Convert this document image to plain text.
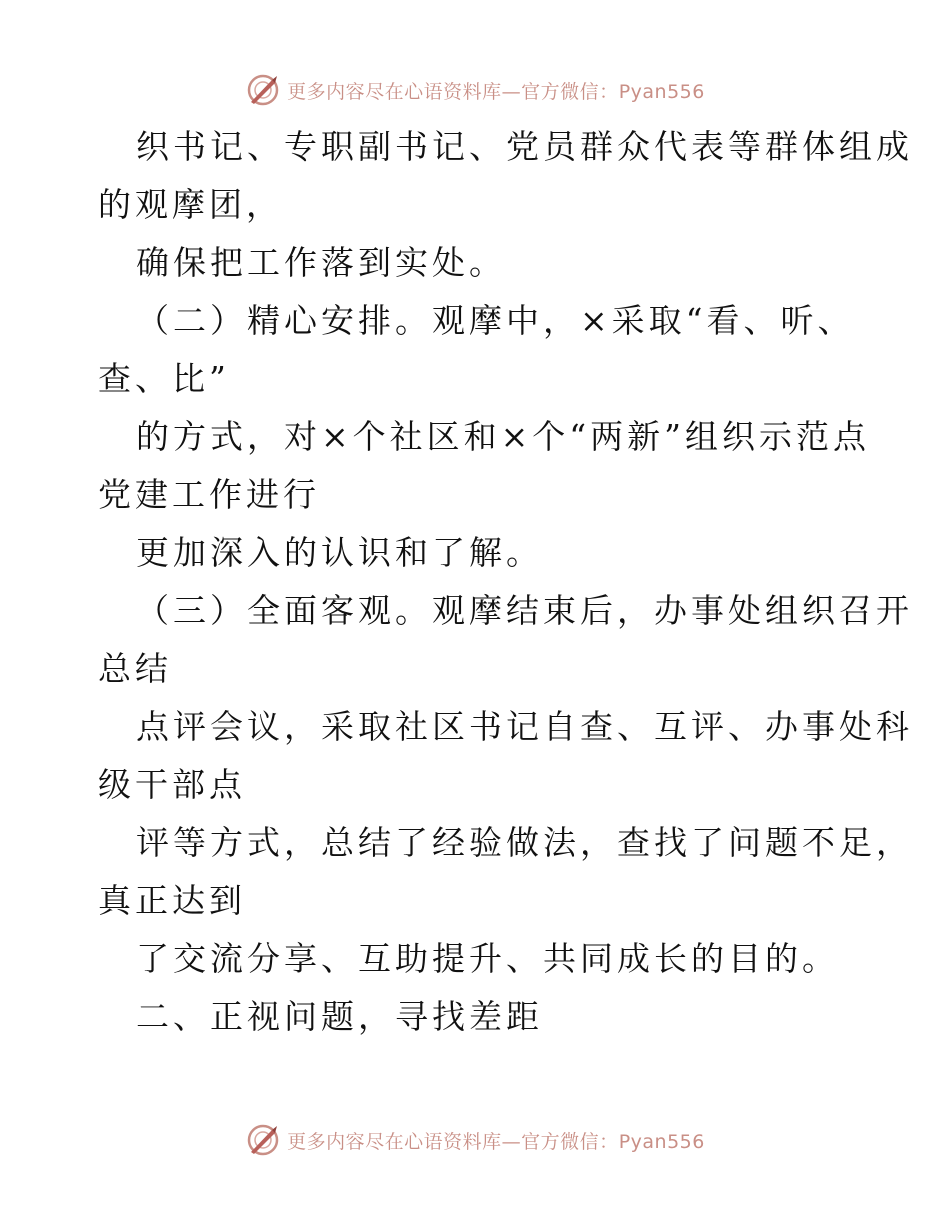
更多内容尽在心语资料库—官方微信：Pyan556
织书记、专职副书记、党员群众代表等群体组成
的观摩团，
确保把工作落到实处。
（二）精心安排。观摩中，×采取“看、听、
查、比”
的方式，对×个社区和×个“两新”组织示范点
党建工作进行
更加深入的认识和了解。
（三）全面客观。观摩结束后，办事处组织召开
总结
点评会议，采取社区书记自查、互评、办事处科
级干部点
评等方式，总结了经验做法，查找了问题不足，
真正达到
了交流分享、互助提升、共同成长的目的。
二、正视问题，寻找差距
更多内容尽在心语资料库—官方微信：Pyan556
